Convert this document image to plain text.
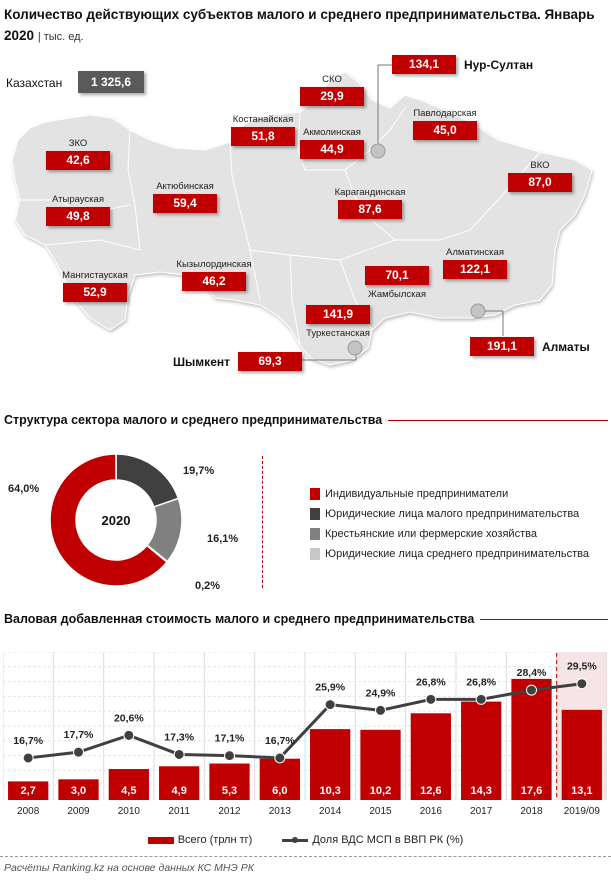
Количество действующих субъектов малого и среднего предпринимательства. Январь
2020 | тыс. ед.
Казахстан	1 325,6
ЗКО
42,6
Атырауская
49,8
Мангистауская
52,9
Актюбинская
59,4
Костанайская
51,8
СКО
29,9
Акмолинская
44,9
Павлодарская
45,0
ВКО
87,0
Карагандинская
87,6
Кызылординская
46,2	70,1
Жамбылская
Алматинская
122,1
141,9
Туркестанская
134,1	Нур-Султан
Шымкент	69,3
191,1	Алматы
Структура сектора малого и среднего предпринимательства
2020
64,0%
19,7%
16,1%
0,2%
Индивидуальные предприниматели
Юридические лица малого предпринимательства
Крестьянские или фермерские хозяйства
Юридические лица среднего предпринимательства
Валовая добавленная стоимость малого и среднего предпринимательства
2,7	3,0	4,5	4,9	5,3	6,0	10,3	10,2	12,6	14,3	17,6	13,1
16,7% 17,7%
20,6%
17,3% 17,1% 16,7%
25,9% 24,9%
26,8% 26,8%
28,4%
29,5%
2008	2009	2010	2011	2012	2013	2014	2015	2016	2017	2018	2019/09
Всего (трлн тг)	Доля ВДС МСП в ВВП РК (%)
Расчёты Ranking.kz на основе данных КС МНЭ РК
